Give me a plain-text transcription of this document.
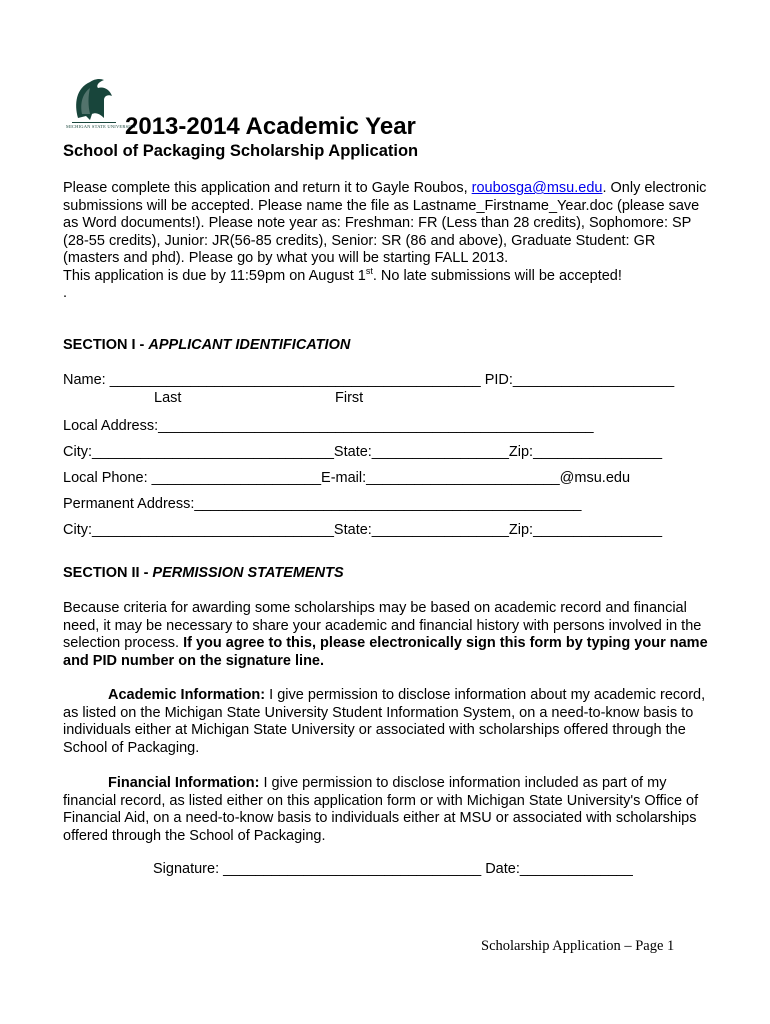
MICHIGAN STATE UNIVERSITY
2013-2014 Academic Year
School of Packaging Scholarship Application
Please complete this application and return it to Gayle Roubos, roubosga@msu.edu. Only electronic submissions will be accepted. Please name the file as Lastname_Firstname_Year.doc (please save as Word documents!). Please note year as: Freshman: FR (Less than 28 credits), Sophomore: SP (28-55 credits), Junior: JR(56-85 credits), Senior: SR (86 and above), Graduate Student: GR (masters and phd). Please go by what you will be starting FALL 2013.
This application is due by 11:59pm on August 1st. No late submissions will be accepted!
.
SECTION I - APPLICANT IDENTIFICATION
Name: ______________________________________________ PID:____________________
Last	First
Local Address:______________________________________________________
City:______________________________State:_________________Zip:________________
Local Phone: _____________________E-mail:________________________@msu.edu
Permanent Address:________________________________________________
City:______________________________State:_________________Zip:________________
SECTION II - PERMISSION STATEMENTS
Because criteria for awarding some scholarships may be based on academic record and financial need, it may be necessary to share your academic and financial history with persons involved in the selection process. If you agree to this, please electronically sign this form by typing your name and PID number on the signature line.
Academic Information: I give permission to disclose information about my academic record, as listed on the Michigan State University Student Information System, on a need-to-know basis to individuals either at Michigan State University or associated with scholarships offered through the School of Packaging.
Financial Information: I give permission to disclose information included as part of my financial record, as listed either on this application form or with Michigan State University's Office of Financial Aid, on a need-to-know basis to individuals either at MSU or associated with scholarships offered through the School of Packaging.
Signature: ________________________________ Date:______________
Scholarship Application – Page 1
